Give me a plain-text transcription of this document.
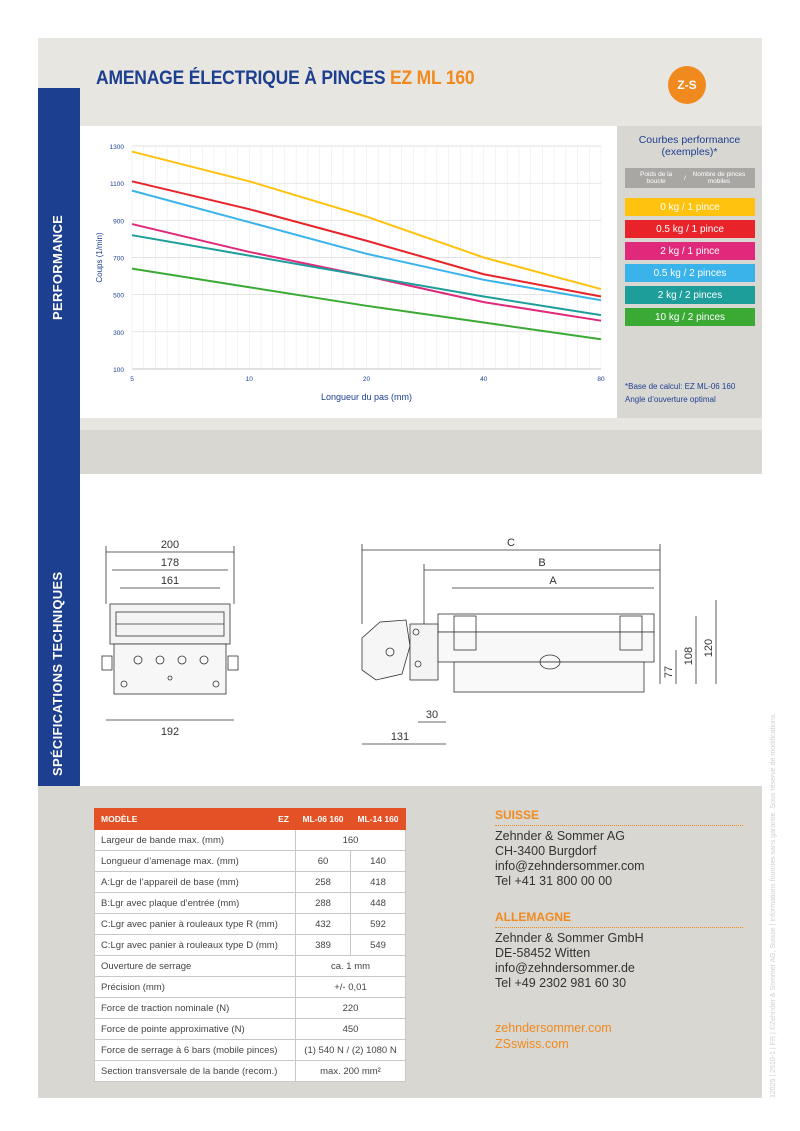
PERFORMANCE
SPÉCIFICATIONS TECHNIQUES
AMENAGE ÉLECTRIQUE À PINCES EZ ML 160	Z-S
100
300
500
700
900
1100
1300
5	10	20	40	80
Longueur du pas (mm)
Coups (1/min)
Courbes performance
(exemples)*
Poids de la boucle	/	Nombre de pinces mobiles
0 kg / 1 pince
0.5 kg / 1 pince
2 kg / 1 pince
0.5 kg / 2 pinces
2 kg / 2 pinces
10 kg / 2 pinces
*Base de calcul: EZ ML-06 160
Angle d’ouverture optimal
200
178
161
192
C
B
A
77
108 120
30
131
MODÈLE EZ	ML-06 160	ML-14 160
Largeur de bande max. (mm)	160	
Longueur d’amenage max. (mm)	60	140
A:Lgr de l’appareil de base (mm)	258	418
B:Lgr avec plaque d’entrée (mm)	288	448
C:Lgr avec panier à rouleaux type R (mm)	432	592
C:Lgr avec panier à rouleaux type D (mm)	389	549
Ouverture de serrage	ca. 1 mm	
Précision (mm)	+/- 0,01	
Force de traction nominale (N)	220	
Force de pointe approximative (N)	450	
Force de serrage à 6 bars (mobile pinces)	(1) 540 N / (2) 1080 N	
Section transversale de la bande (recom.)	max. 200 mm²	
SUISSE
Zehnder & Sommer AG
CH-3400 Burgdorf
info@zehndersommer.com
Tel +41 31 800 00 00
ALLEMAGNE
Zehnder & Sommer GmbH
DE-58452 Witten
info@zehndersommer.de
Tel +49 2302 981 60 30
zehndersommer.com
ZSswiss.com	12025 | 2510-1 | FR | ©Zehnder & Sommer AG, Suisse | Informations fournies sans garantie. Sous réserve de modifications.
